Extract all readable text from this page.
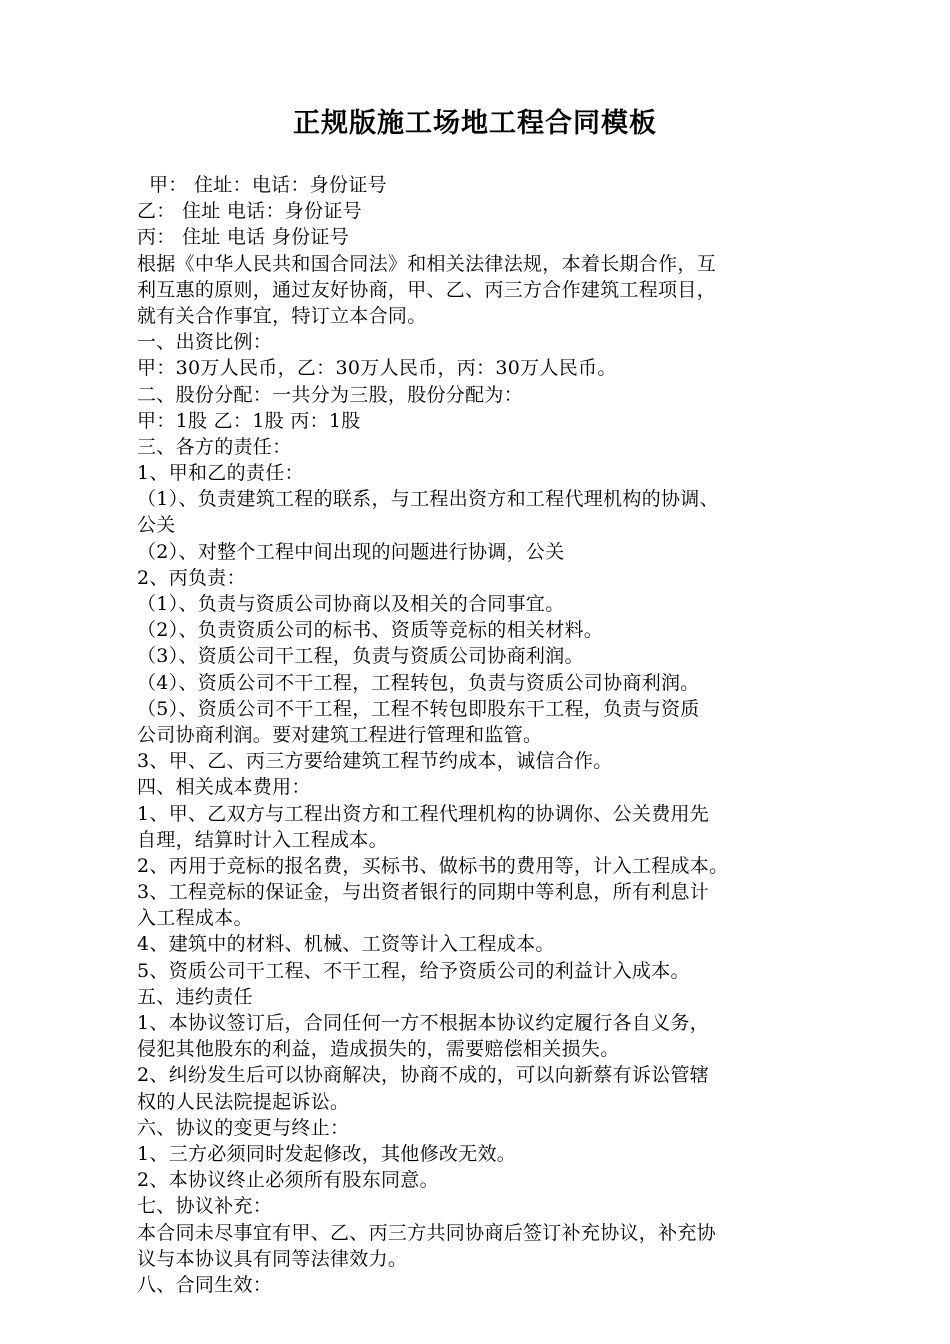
正规版施工场地工程合同模板
甲： 住址：电话：身份证号
乙： 住址 电话：身份证号
丙： 住址 电话 身份证号
根据《中华人民共和国合同法》和相关法律法规，本着长期合作，互
利互惠的原则，通过友好协商，甲、乙、丙三方合作建筑工程项目，
就有关合作事宜，特订立本合同。
一、出资比例：
甲：30万人民币，乙：30万人民币，丙：30万人民币。
二、股份分配：一共分为三股，股份分配为：
甲：1股 乙：1股 丙：1股
三、各方的责任：
1、甲和乙的责任：
（1）、负责建筑工程的联系，与工程出资方和工程代理机构的协调、
公关
（2）、对整个工程中间出现的问题进行协调，公关
2、丙负责：
（1）、负责与资质公司协商以及相关的合同事宜。
（2）、负责资质公司的标书、资质等竞标的相关材料。
（3）、资质公司干工程，负责与资质公司协商利润。
（4）、资质公司不干工程，工程转包，负责与资质公司协商利润。
（5）、资质公司不干工程，工程不转包即股东干工程，负责与资质
公司协商利润。要对建筑工程进行管理和监管。
3、甲、乙、丙三方要给建筑工程节约成本，诚信合作。
四、相关成本费用：
1、甲、乙双方与工程出资方和工程代理机构的协调你、公关费用先
自理，结算时计入工程成本。
2、丙用于竞标的报名费，买标书、做标书的费用等，计入工程成本。
3、工程竞标的保证金，与出资者银行的同期中等利息，所有利息计
入工程成本。
4、建筑中的材料、机械、工资等计入工程成本。
5、资质公司干工程、不干工程，给予资质公司的利益计入成本。
五、违约责任
1、本协议签订后，合同任何一方不根据本协议约定履行各自义务，
侵犯其他股东的利益，造成损失的，需要赔偿相关损失。
2、纠纷发生后可以协商解决，协商不成的，可以向新蔡有诉讼管辖
权的人民法院提起诉讼。
六、协议的变更与终止：
1、三方必须同时发起修改，其他修改无效。
2、本协议终止必须所有股东同意。
七、协议补充：
本合同未尽事宜有甲、乙、丙三方共同协商后签订补充协议，补充协
议与本协议具有同等法律效力。
八、合同生效：
